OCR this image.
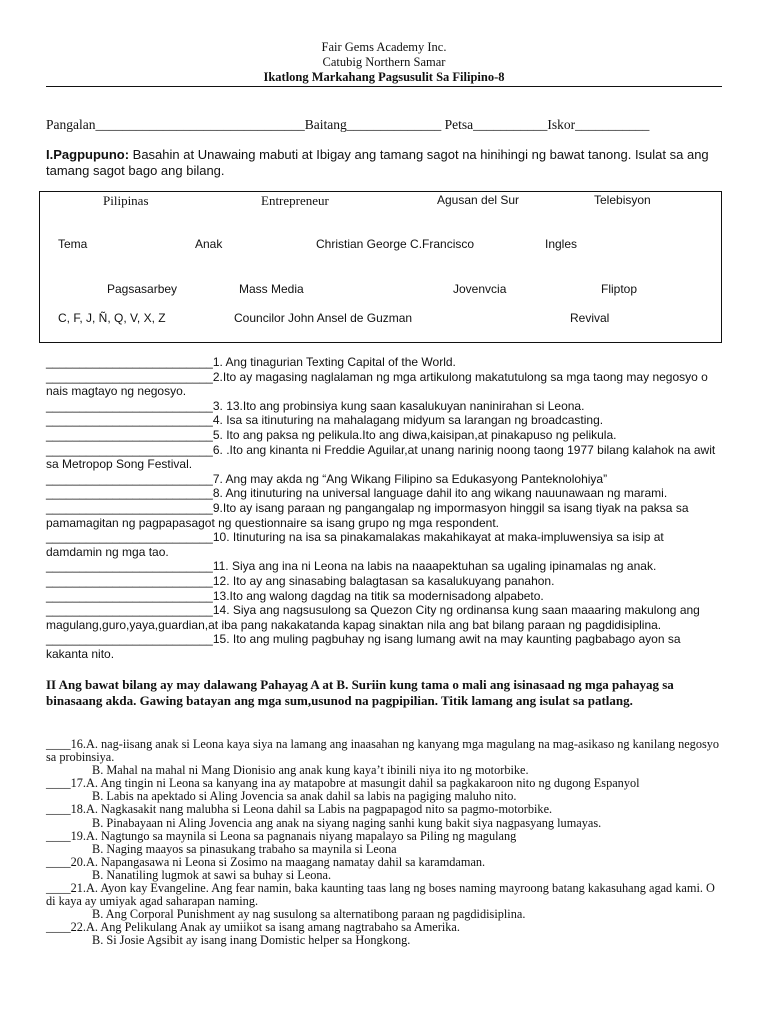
Fair Gems Academy Inc.
Catubig Northern Samar
Ikatlong Markahang Pagsusulit Sa Filipino-8
Pangalan_______________________________Baitang______________ Petsa___________Iskor___________
I.Pagpupuno: Basahin at Unawaing mabuti at Ibigay ang tamang sagot na hinihingi ng bawat tanong. Isulat sa ang tamang sagot bago ang bilang.
Pilipinas	Entrepreneur	Agusan del Sur	Telebisyon
Tema	Anak	Christian George C.Francisco	Ingles
Pagsasarbey	Mass Media	Jovenvcia	Fliptop
C, F, J, Ñ, Q, V, X, Z	Councilor John Ansel de Guzman	Revival

_________________________1. Ang tinagurian Texting Capital of the World.

_________________________2.Ito ay magasing naglalaman ng mga artikulong makatutulong sa mga taong may negosyo o nais magtayo ng negosyo.

_________________________3. 13.Ito ang probinsiya kung saan kasalukuyan naninirahan si Leona.

_________________________4. Isa sa itinuturing na mahalagang midyum sa larangan ng broadcasting.

_________________________5. Ito ang paksa ng pelikula.Ito ang diwa,kaisipan,at pinakapuso ng pelikula.

_________________________6. .Ito ang kinanta ni Freddie Aguilar,at unang narinig noong taong 1977 bilang kalahok na awit sa Metropop Song Festival.

_________________________7. Ang may akda ng “Ang Wikang Filipino sa Edukasyong Panteknolohiya”

_________________________8. Ang itinuturing na universal language dahil ito ang wikang nauunawaan ng marami.

_________________________9.Ito ay isang paraan ng pangangalap ng impormasyon hinggil sa isang tiyak na paksa sa pamamagitan ng pagpapasagot ng questionnaire sa isang grupo ng mga respondent.

_________________________10. Itinuturing na isa sa pinakamalakas makahikayat at maka-impluwensiya sa isip at damdamin ng mga tao.

_________________________11. Siya ang ina ni Leona na labis na naaapektuhan sa ugaling ipinamalas ng anak.

_________________________12. Ito ay ang sinasabing balagtasan sa kasalukuyang panahon.

_________________________13.Ito ang walong dagdag na titik sa modernisadong alpabeto.

_________________________14. Siya ang nagsusulong sa Quezon City ng ordinansa kung saan maaaring makulong ang magulang,guro,yaya,guardian,at iba pang nakakatanda kapag sinaktan nila ang bat bilang paraan ng pagdidisiplina.

_________________________15. Ito ang muling pagbuhay ng isang lumang awit na may kaunting pagbabago ayon sa kakanta nito.

II Ang bawat bilang ay may dalawang Pahayag A at B. Suriin kung tama o mali ang isinasaad ng mga pahayag sa binasaang akda. Gawing batayan ang mga sum,usunod na pagpipilian. Titik lamang ang isulat sa patlang.

____16.A. nag-iisang anak si Leona kaya siya na lamang ang inaasahan ng kanyang mga magulang na mag-asikaso ng kanilang negosyo sa probinsiya.

B. Mahal na mahal ni Mang Dionisio ang anak kung kaya’t ibinili niya ito ng motorbike.

____17.A. Ang tingin ni Leona sa kanyang ina ay matapobre at masungit dahil sa pagkakaroon nito ng dugong Espanyol

B. Labis na apektado si Aling Jovencia sa anak dahil sa labis na pagiging maluho nito.

____18.A. Nagkasakit nang malubha si Leona dahil sa Labis na pagpapagod nito sa pagmo-motorbike.

B. Pinabayaan ni Aling Jovencia ang anak na siyang naging sanhi kung bakit siya nagpasyang lumayas.

____19.A. Nagtungo sa maynila si Leona sa pagnanais niyang mapalayo sa Piling ng magulang

B. Naging maayos sa pinasukang trabaho sa maynila si Leona

____20.A. Napangasawa ni Leona si Zosimo na maagang namatay dahil sa karamdaman.

B. Nanatiling lugmok at sawi sa buhay si Leona.

____21.A. Ayon kay Evangeline. Ang fear namin, baka kaunting taas lang ng boses naming mayroong batang kakasuhang agad kami. O di kaya ay umiyak agad saharapan naming.

B. Ang Corporal Punishment ay nag susulong sa alternatibong paraan ng pagdidisiplina.

____22.A. Ang Pelikulang Anak ay umiikot sa isang amang nagtrabaho sa Amerika.

B. Si Josie Agsibit ay isang inang Domistic helper sa Hongkong.
